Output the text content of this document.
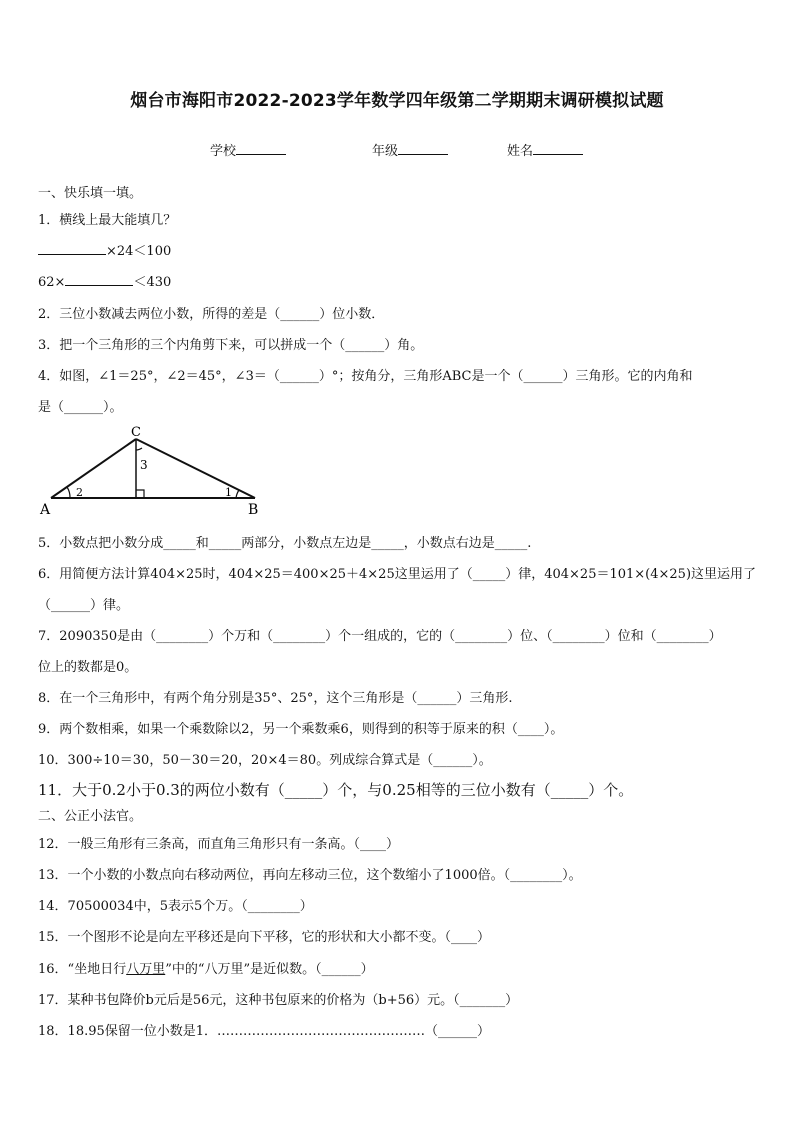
烟台市海阳市2022-2023学年数学四年级第二学期期末调研模拟试题
学校	年级	姓名
一、快乐填一填。
1．横线上最大能填几？
×24＜100
62×	＜430
2．三位小数减去两位小数，所得的差是（______）位小数．
3．把一个三角形的三个内角剪下来，可以拼成一个（______）角。
4．如图，∠1＝25°，∠2＝45°，∠3＝（______）°；按角分，三角形ABC是一个（______）三角形。它的内角和
是（______）。
C
A	B
3
2	1
5．小数点把小数分成_____和_____两部分，小数点左边是_____，小数点右边是_____.
6．用简便方法计算404×25时，404×25＝400×25＋4×25这里运用了（_____）律，404×25＝101×(4×25)这里运用了
（______）律。
7．2090350是由（________）个万和（________）个一组成的，它的（________）位、（________）位和（________）
位上的数都是0。
8．在一个三角形中，有两个角分别是35°、25°，这个三角形是（______）三角形.
9．两个数相乘，如果一个乘数除以2，另一个乘数乘6，则得到的积等于原来的积（____）。
10．300÷10＝30，50－30＝20，20×4＝80。列成综合算式是（______）。
11．大于0.2小于0.3的两位小数有（_____）个，与0.25相等的三位小数有（_____）个。
二、公正小法官。
12．一般三角形有三条高，而直角三角形只有一条高。（____）
13．一个小数的小数点向右移动两位，再向左移动三位，这个数缩小了1000倍。（________）。
14．70500034中，5表示5个万。（________）
15．一个图形不论是向左平移还是向下平移，它的形状和大小都不变。（____）
16．“坐地日行八万里”中的“八万里”是近似数。（______）
17．某种书包降价b元后是56元，这种书包原来的价格为（b+56）元。（_______）
18．18.95保留一位小数是1．…………………………………………（______）
